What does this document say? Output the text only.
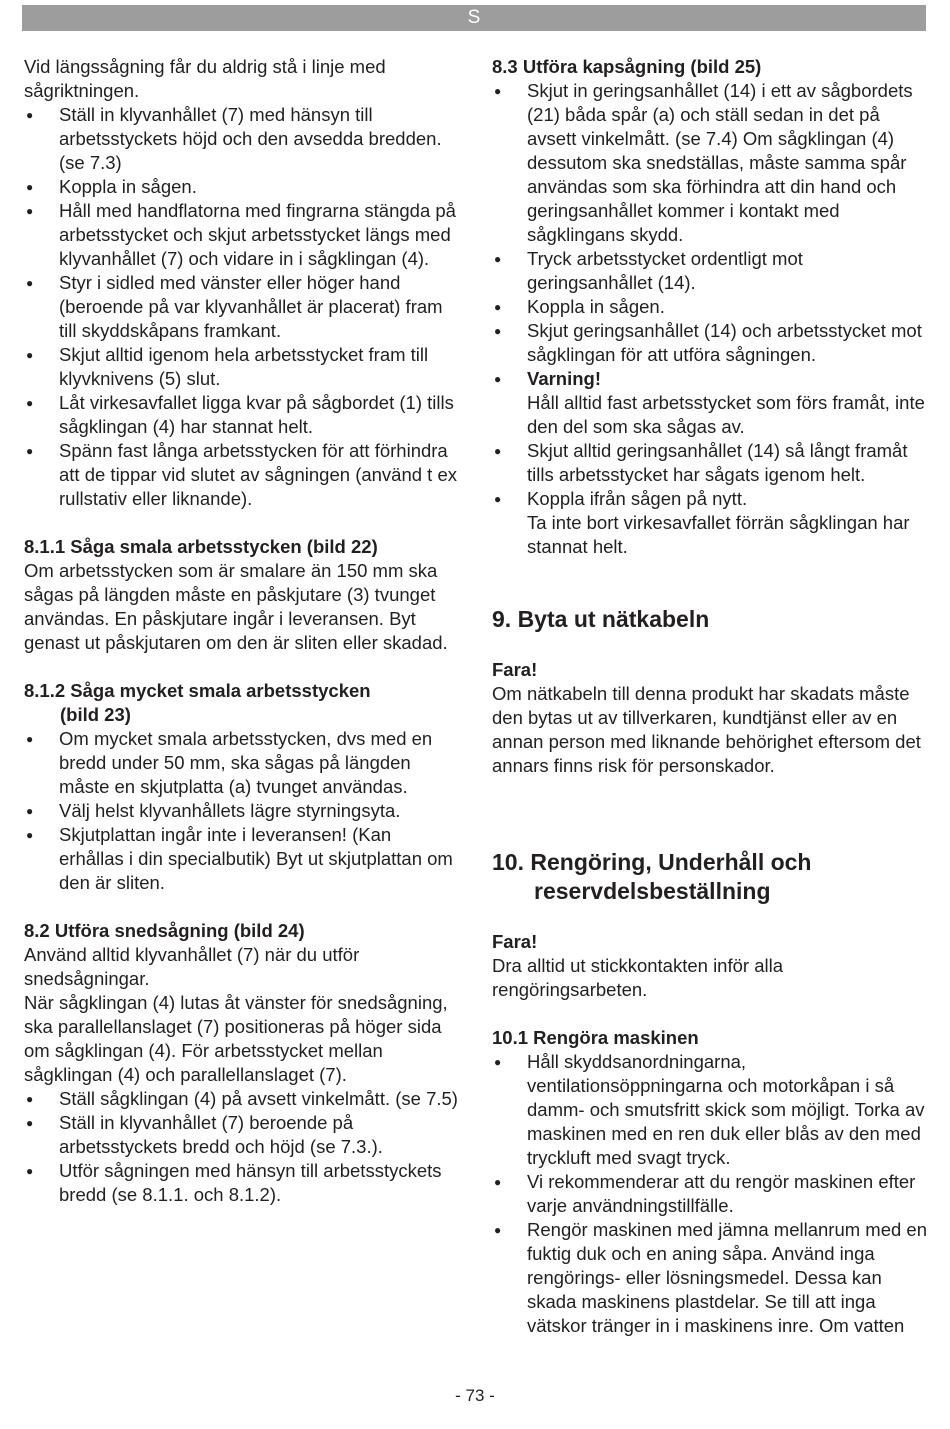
S

Vid längssågning får du aldrig stå i linje med sågriktningen.

● Ställ in klyvanhållet (7) med hänsyn till arbetsstyckets höjd och den avsedda bredden. (se 7.3)
● Koppla in sågen.
● Håll med handflatorna med fingrarna stängda på arbetsstycket och skjut arbetsstycket längs med klyvanhållet (7) och vidare in i sågklingan (4).
● Styr i sidled med vänster eller höger hand (beroende på var klyvanhållet är placerat) fram till skyddskåpans framkant.
● Skjut alltid igenom hela arbetsstycket fram till klyvknivens (5) slut.
● Låt virkesavfallet ligga kvar på sågbordet (1) tills sågklingan (4) har stannat helt.
● Spänn fast långa arbetsstycken för att förhindra att de tippar vid slutet av sågningen (använd t ex rullstativ eller liknande).
8.1.1 Såga smala arbetsstycken (bild 22)

Om arbetsstycken som är smalare än 150 mm ska sågas på längden måste en påskjutare (3) tvunget användas. En påskjutare ingår i leveransen. Byt genast ut påskjutaren om den är sliten eller skadad.

8.1.2 Såga mycket smala arbetsstycken
(bild 23)
● Om mycket smala arbetsstycken, dvs med en bredd under 50 mm, ska sågas på längden måste en skjutplatta (a) tvunget användas.
● Välj helst klyvanhållets lägre styrningsyta.
● Skjutplattan ingår inte i leveransen! (Kan erhållas i din specialbutik) Byt ut skjutplattan om den är sliten.
8.2 Utföra snedsågning (bild 24)

Använd alltid klyvanhållet (7) när du utför snedsågningar.

När sågklingan (4) lutas åt vänster för snedsågning, ska parallellanslaget (7) positioneras på höger sida om sågklingan (4). För arbetsstycket mellan sågklingan (4) och parallellanslaget (7).

● Ställ sågklingan (4) på avsett vinkelmått. (se 7.5)
● Ställ in klyvanhållet (7) beroende på arbetsstyckets bredd och höjd (se 7.3.).
● Utför sågningen med hänsyn till arbetsstyckets bredd (se 8.1.1. och 8.1.2).
8.3 Utföra kapsågning (bild 25)
● Skjut in geringsanhållet (14) i ett av sågbordets (21) båda spår (a) och ställ sedan in det på avsett vinkelmått. (se 7.4) Om sågklingan (4) dessutom ska snedställas, måste samma spår användas som ska förhindra att din hand och geringsanhållet kommer i kontakt med sågklingans skydd.
● Tryck arbetsstycket ordentligt mot geringsanhållet (14).
● Koppla in sågen.
● Skjut geringsanhållet (14) och arbetsstycket mot sågklingan för att utföra sågningen.
● Varning!
Håll alltid fast arbetsstycket som förs framåt, inte den del som ska sågas av.
● Skjut alltid geringsanhållet (14) så långt framåt tills arbetsstycket har sågats igenom helt.
● Koppla ifrån sågen på nytt.
Ta inte bort virkesavfallet förrän sågklingan har stannat helt.
9. Byta ut nätkabeln
Fara!

Om nätkabeln till denna produkt har skadats måste den bytas ut av tillverkaren, kundtjänst eller av en annan person med liknande behörighet eftersom det annars finns risk för personskador.

10. Rengöring, Underhåll och
reservdelsbeställning
Fara!

Dra alltid ut stickkontakten inför alla rengöringsarbeten.

10.1 Rengöra maskinen
● Håll skyddsanordningarna, ventilationsöppningarna och motorkåpan i så damm- och smutsfritt skick som möjligt. Torka av maskinen med en ren duk eller blås av den med tryckluft med svagt tryck.
● Vi rekommenderar att du rengör maskinen efter varje användningstillfälle.
● Rengör maskinen med jämna mellanrum med en fuktig duk och en aning såpa. Använd inga rengörings- eller lösningsmedel. Dessa kan skada maskinens plastdelar. Se till att inga vätskor tränger in i maskinens inre. Om vatten
- 73 -
